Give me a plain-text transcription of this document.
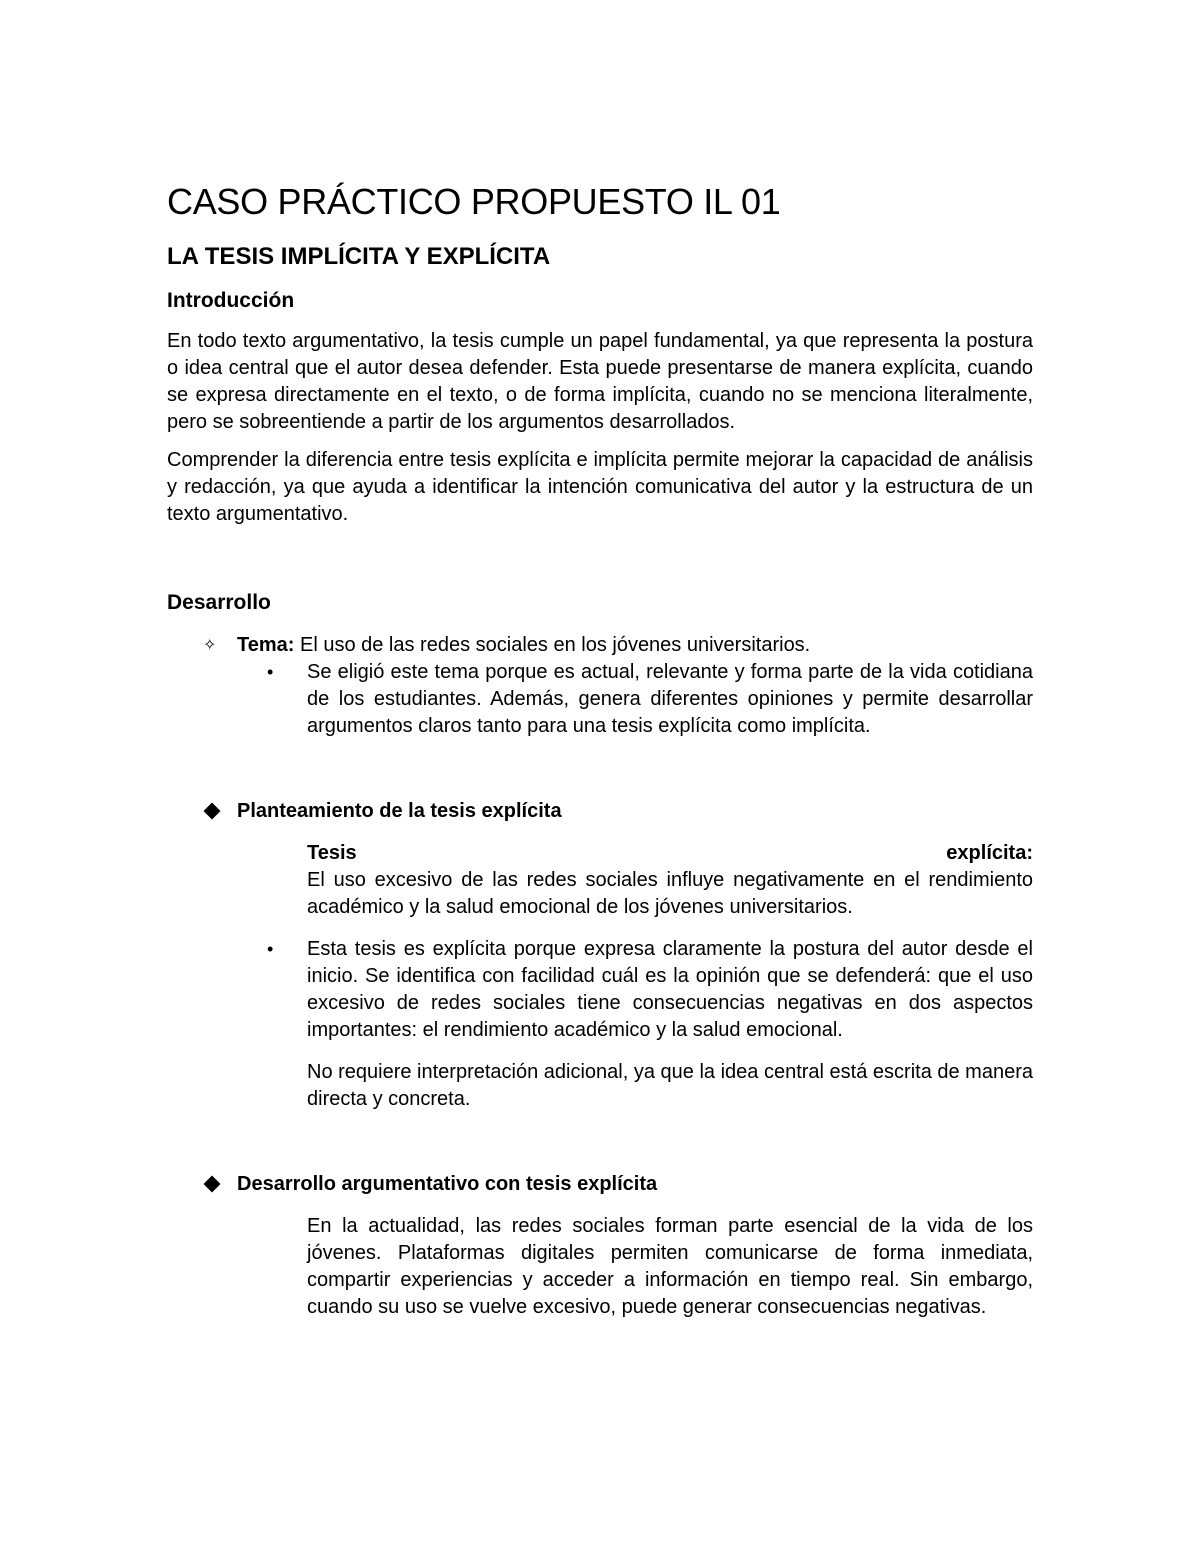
CASO PRÁCTICO PROPUESTO IL 01
LA TESIS IMPLÍCITA Y EXPLÍCITA
Introducción

En todo texto argumentativo, la tesis cumple un papel fundamental, ya que representa la postura o idea central que el autor desea defender. Esta puede presentarse de manera explícita, cuando se expresa directamente en el texto, o de forma implícita, cuando no se menciona literalmente, pero se sobreentiende a partir de los argumentos desarrollados.

Comprender la diferencia entre tesis explícita e implícita permite mejorar la capacidad de análisis y redacción, ya que ayuda a identificar la intención comunicativa del autor y la estructura de un texto argumentativo.

Desarrollo
✧	Tema: El uso de las redes sociales en los jóvenes universitarios.
•	Se eligió este tema porque es actual, relevante y forma parte de la vida cotidiana de los estudiantes. Además, genera diferentes opiniones y permite desarrollar argumentos claros tanto para una tesis explícita como implícita.
Planteamiento de la tesis explícita
Tesis	explícita:
El uso excesivo de las redes sociales influye negativamente en el rendimiento académico y la salud emocional de los jóvenes universitarios.
•	Esta tesis es explícita porque expresa claramente la postura del autor desde el inicio. Se identifica con facilidad cuál es la opinión que se defenderá: que el uso excesivo de redes sociales tiene consecuencias negativas en dos aspectos importantes: el rendimiento académico y la salud emocional.
No requiere interpretación adicional, ya que la idea central está escrita de manera directa y concreta.
Desarrollo argumentativo con tesis explícita
En la actualidad, las redes sociales forman parte esencial de la vida de los jóvenes. Plataformas digitales permiten comunicarse de forma inmediata, compartir experiencias y acceder a información en tiempo real. Sin embargo, cuando su uso se vuelve excesivo, puede generar consecuencias negativas.
